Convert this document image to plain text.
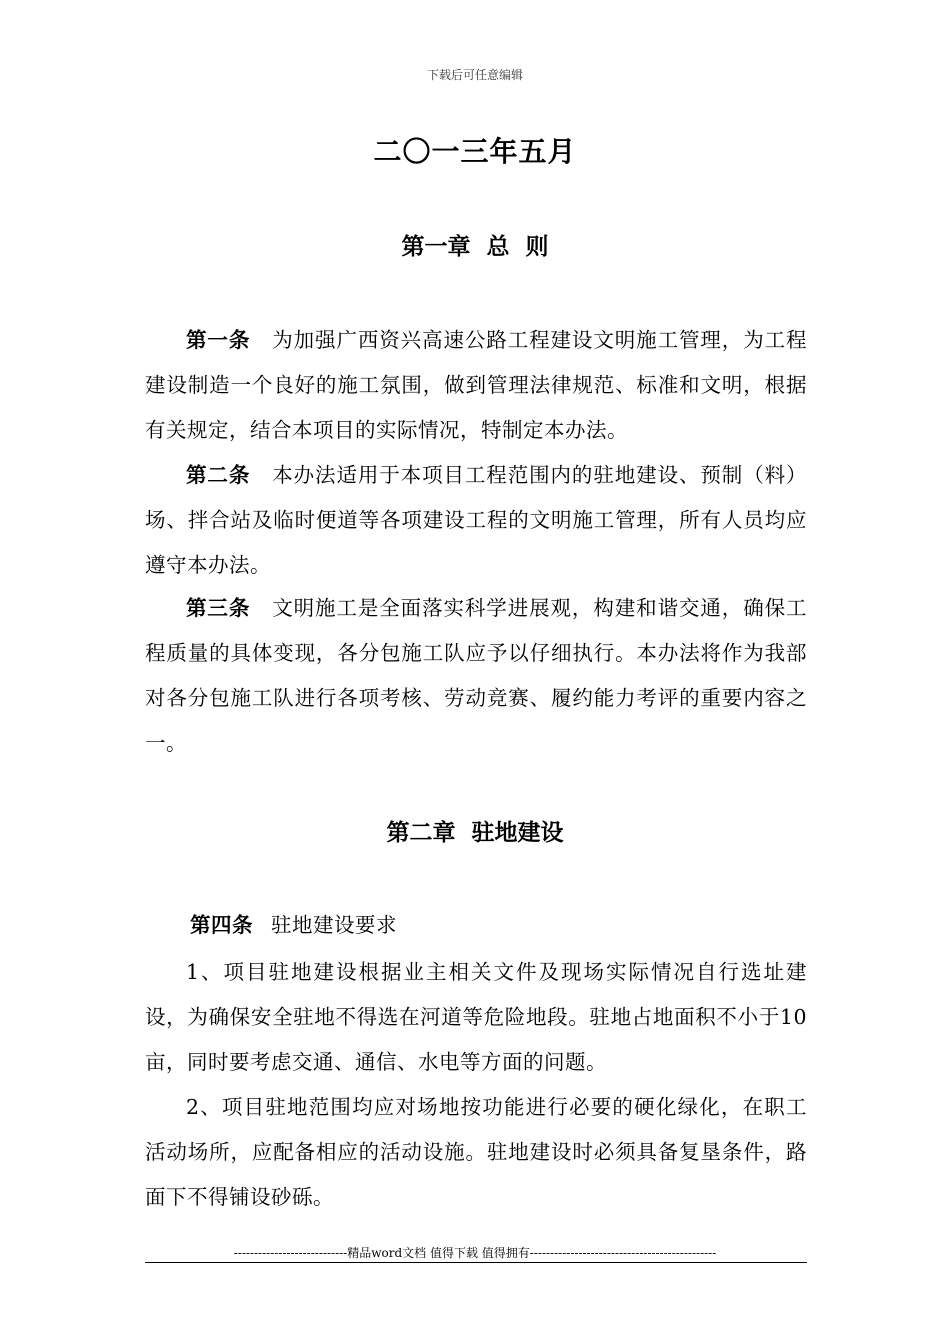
下载后可任意编辑
二〇一三年五月
第一章  总  则
第一条 为加强广西资兴高速公路工程建设文明施工管理，为工程建设制造一个良好的施工氛围，做到管理法律规范、标准和文明，根据有关规定，结合本项目的实际情况，特制定本办法。
第二条 本办法适用于本项目工程范围内的驻地建设、预制（料）场、拌合站及临时便道等各项建设工程的文明施工管理，所有人员均应遵守本办法。
第三条 文明施工是全面落实科学进展观，构建和谐交通，确保工程质量的具体变现，各分包施工队应予以仔细执行。本办法将作为我部对各分包施工队进行各项考核、劳动竞赛、履约能力考评的重要内容之一。
第二章  驻地建设
第四条 驻地建设要求
1、项目驻地建设根据业主相关文件及现场实际情况自行选址建设，为确保安全驻地不得选在河道等危险地段。驻地占地面积不小于10亩，同时要考虑交通、通信、水电等方面的问题。
2、项目驻地范围均应对场地按功能进行必要的硬化绿化，在职工活动场所，应配备相应的活动设施。驻地建设时必须具备复垦条件，路面下不得铺设砂砾。
----------------------------精品word文档 值得下载 值得拥有----------------------------------------------
